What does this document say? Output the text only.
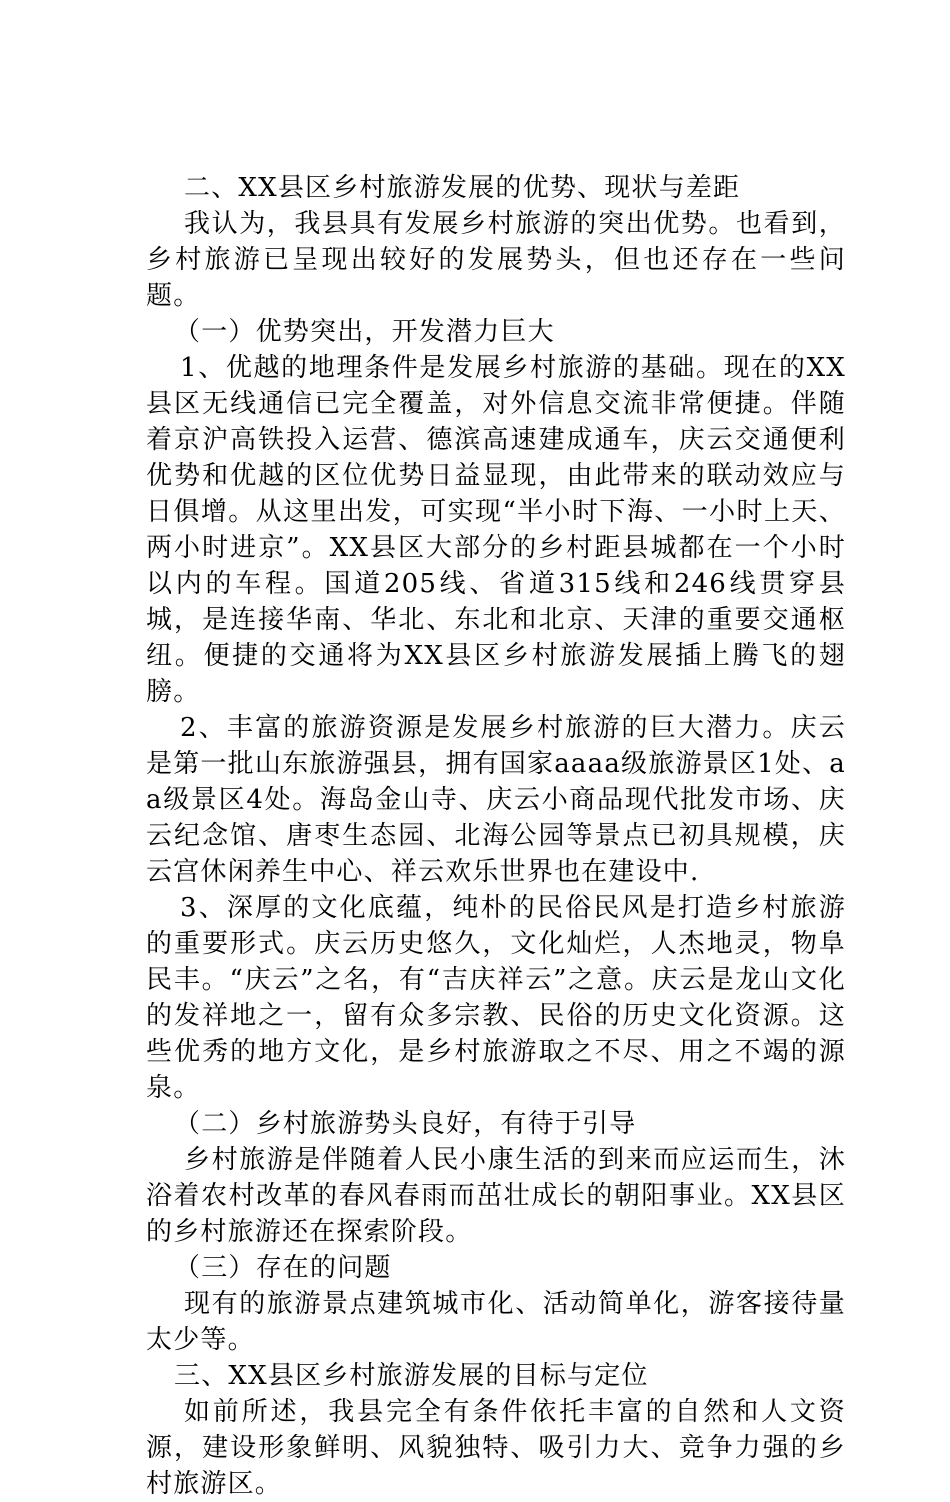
二、XX县区乡村旅游发展的优势、现状与差距

我认为，我县具有发展乡村旅游的突出优势。也看到，乡村旅游已呈现出较好的发展势头，但也还存在一些问题。

（一）优势突出，开发潜力巨大

1、优越的地理条件是发展乡村旅游的基础。现在的XX县区无线通信已完全覆盖，对外信息交流非常便捷。伴随着京沪高铁投入运营、德滨高速建成通车，庆云交通便利优势和优越的区位优势日益显现，由此带来的联动效应与日俱增。从这里出发，可实现“半小时下海、一小时上天、两小时进京”。XX县区大部分的乡村距县城都在一个小时以内的车程。国道205线、省道315线和246线贯穿县城，是连接华南、华北、东北和北京、天津的重要交通枢纽。便捷的交通将为XX县区乡村旅游发展插上腾飞的翅膀。

2、丰富的旅游资源是发展乡村旅游的巨大潜力。庆云是第一批山东旅游强县，拥有国家aaaa级旅游景区1处、aa级景区4处。海岛金山寺、庆云小商品现代批发市场、庆云纪念馆、唐枣生态园、北海公园等景点已初具规模，庆云宫休闲养生中心、祥云欢乐世界也在建设中.

3、深厚的文化底蕴，纯朴的民俗民风是打造乡村旅游的重要形式。庆云历史悠久，文化灿烂，人杰地灵，物阜民丰。“庆云”之名，有“吉庆祥云”之意。庆云是龙山文化的发祥地之一，留有众多宗教、民俗的历史文化资源。这些优秀的地方文化，是乡村旅游取之不尽、用之不竭的源泉。

（二）乡村旅游势头良好，有待于引导

乡村旅游是伴随着人民小康生活的到来而应运而生，沐浴着农村改革的春风春雨而茁壮成长的朝阳事业。XX县区的乡村旅游还在探索阶段。

（三）存在的问题

现有的旅游景点建筑城市化、活动简单化，游客接待量太少等。

三、XX县区乡村旅游发展的目标与定位

如前所述，我县完全有条件依托丰富的自然和人文资源，建设形象鲜明、风貌独特、吸引力大、竞争力强的乡村旅游区。
